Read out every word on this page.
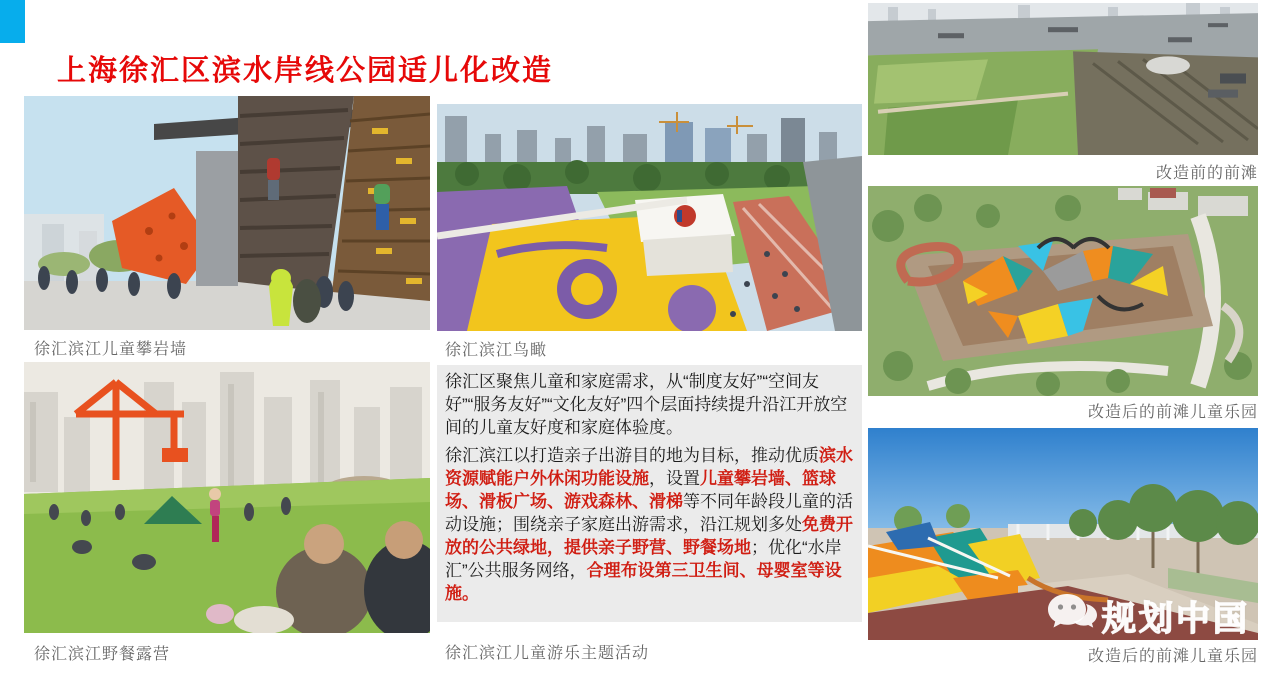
上海徐汇区滨水岸线公园适儿化改造
徐汇滨江儿童攀岩墙
徐汇滨江野餐露营
徐汇滨江鸟瞰

徐汇区聚焦儿童和家庭需求，从“制度友好”“空间友好”“服务友好”“文化友好”四个层面持续提升沿江开放空间的儿童友好度和家庭体验度。

徐汇滨江以打造亲子出游目的地为目标，推动优质滨水资源赋能户外休闲功能设施，设置儿童攀岩墙、篮球场、滑板广场、游戏森林、滑梯等不同年龄段儿童的活动设施；围绕亲子家庭出游需求，沿江规划多处免费开放的公共绿地，提供亲子野营、野餐场地；优化“水岸汇”公共服务网络，合理布设第三卫生间、母婴室等设施。

徐汇滨江儿童游乐主题活动
改造前的前滩
改造后的前滩儿童乐园
改造后的前滩儿童乐园
规划中国
